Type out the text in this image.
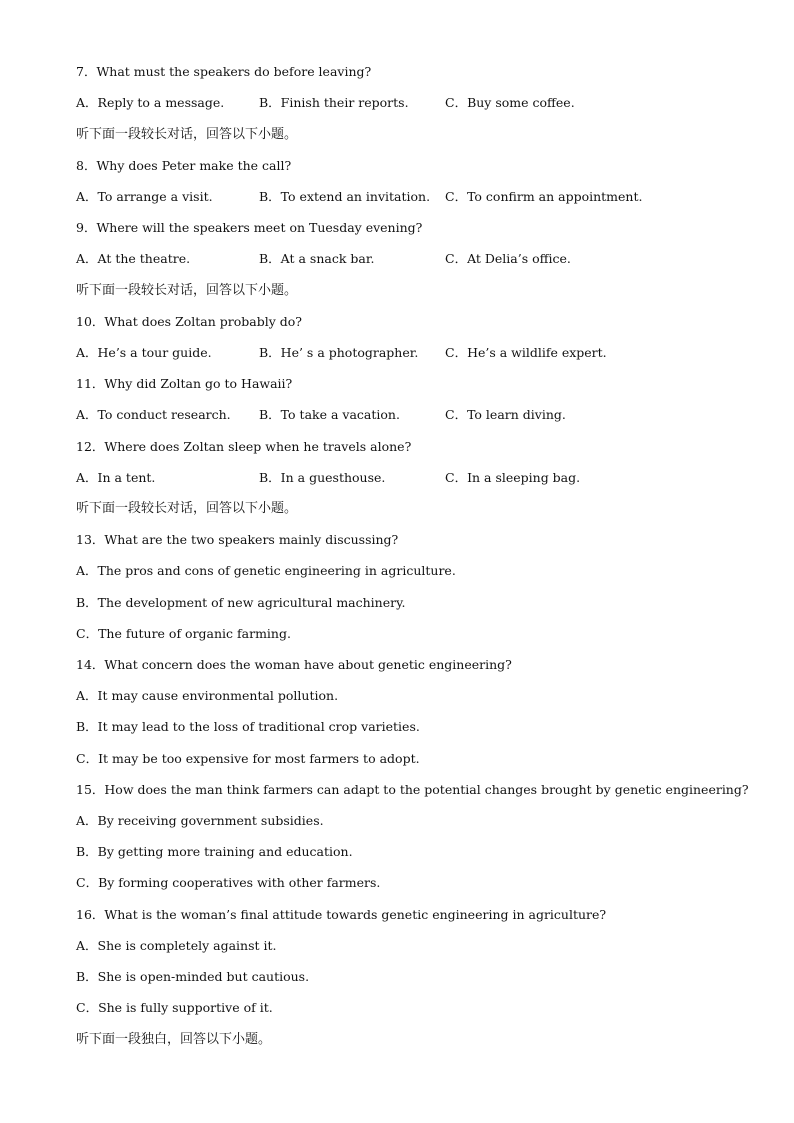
7．What must the speakers do before leaving?
A．Reply to a message.	B．Finish their reports.	C．Buy some coffee.
听下面一段较长对话，回答以下小题。
8．Why does Peter make the call?
A．To arrange a visit.	B．To extend an invitation. C．To confirm an appointment.
9．Where will the speakers meet on Tuesday evening?
A．At the theatre.	B．At a snack bar.	C．At Delia’s office.
听下面一段较长对话，回答以下小题。
10．What does Zoltan probably do?
A．He’s a tour guide.	B．He’ s a photographer. C．He’s a wildlife expert.
11．Why did Zoltan go to Hawaii?
A．To conduct research. B．To take a vacation.	C．To learn diving.
12．Where does Zoltan sleep when he travels alone?
A．In a tent.	B．In a guesthouse.	C．In a sleeping bag.
听下面一段较长对话，回答以下小题。
13．What are the two speakers mainly discussing?
A．The pros and cons of genetic engineering in agriculture.
B．The development of new agricultural machinery.
C．The future of organic farming.
14．What concern does the woman have about genetic engineering?
A．It may cause environmental pollution.
B．It may lead to the loss of traditional crop varieties.
C．It may be too expensive for most farmers to adopt.
15．How does the man think farmers can adapt to the potential changes brought by genetic engineering?
A．By receiving government subsidies.
B．By getting more training and education.
C．By forming cooperatives with other farmers.
16．What is the woman’s final attitude towards genetic engineering in agriculture?
A．She is completely against it.
B．She is open-minded but cautious.
C．She is fully supportive of it.
听下面一段独白，回答以下小题。
